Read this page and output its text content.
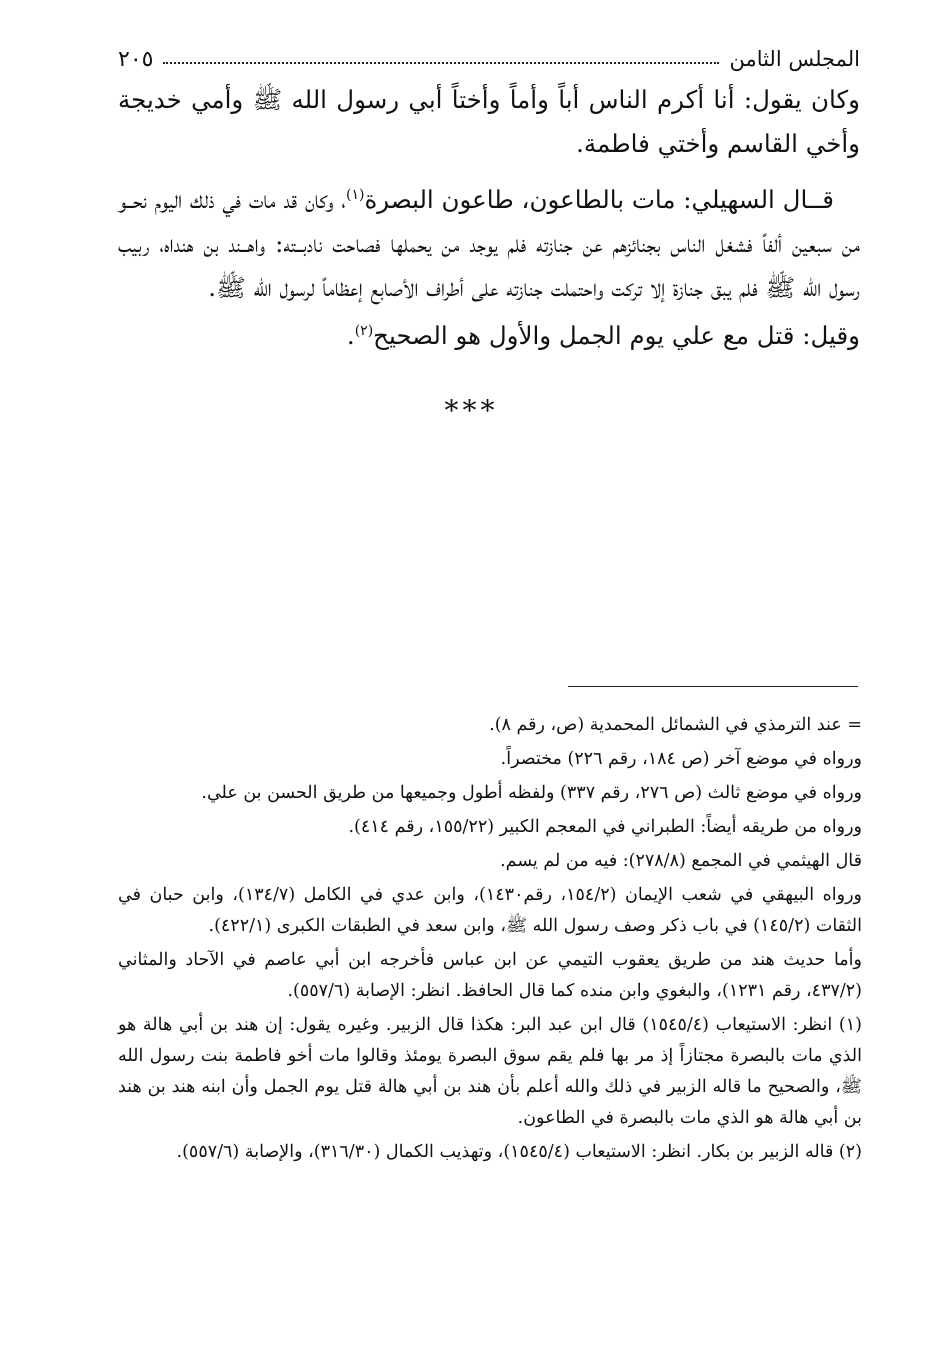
المجلس الثامن
٢٠٥

وكان يقول: أنا أكرم الناس أباً وأماً وأختاً أبي رسول الله ﷺ وأمي خديجة وأخي القاسم وأختي فاطمة.

قــال السهيلي: مات بالطاعون، طاعون البصرة$^{(١)}$، وكان قد مات في ذلك اليوم نحــو من سبعين ألفاً فشغل الناس بجنائزهم عن جنازته فلم يوجد من يحملها فصاحت نادبــته: واهــند بن هنداه، ربيب رسول الله ﷺ فلم يبق جنازة إلا تركت واحتملت جنازته على أطراف الأصابع إعظاماً لرسول الله ﷺ.

وقيل: قتل مع علي يوم الجمل والأول هو الصحيح$^{(٢)}$.

***

= عند الترمذي في الشمائل المحمدية (ص، رقم ٨).

ورواه في موضع آخر (ص ١٨٤، رقم ٢٢٦) مختصراً.

ورواه في موضع ثالث (ص ٢٧٦، رقم ٣٣٧) ولفظه أطول وجميعها من طريق الحسن بن علي.

ورواه من طريقه أيضاً: الطبراني في المعجم الكبير (١٥٥/٢٢، رقم ٤١٤).

قال الهيثمي في المجمع (٢٧٨/٨): فيه من لم يسم.

ورواه البيهقي في شعب الإيمان (١٥٤/٢، رقم١٤٣٠)، وابن عدي في الكامل (١٣٤/٧)، وابن حبان في الثقات (١٤٥/٢) في باب ذكر وصف رسول الله ﷺ، وابن سعد في الطبقات الكبرى (٤٢٢/١).

وأما حديث هند من طريق يعقوب التيمي عن ابن عباس فأخرجه ابن أبي عاصم في الآحاد والمثاني (٤٣٧/٢، رقم ١٢٣١)، والبغوي وابن منده كما قال الحافظ. انظر: الإصابة (٥٥٧/٦).

(١) انظر: الاستيعاب (١٥٤٥/٤) قال ابن عبد البر: هكذا قال الزبير. وغيره يقول: إن هند بن أبي هالة هو الذي مات بالبصرة مجتازاً إذ مر بها فلم يقم سوق البصرة يومئذ وقالوا مات أخو فاطمة بنت رسول الله ﷺ، والصحيح ما قاله الزبير في ذلك والله أعلم بأن هند بن أبي هالة قتل يوم الجمل وأن ابنه هند بن هند بن أبي هالة هو الذي مات بالبصرة في الطاعون.

(٢) قاله الزبير بن بكار. انظر: الاستيعاب (١٥٤٥/٤)، وتهذيب الكمال (٣١٦/٣٠)، والإصابة (٥٥٧/٦).
